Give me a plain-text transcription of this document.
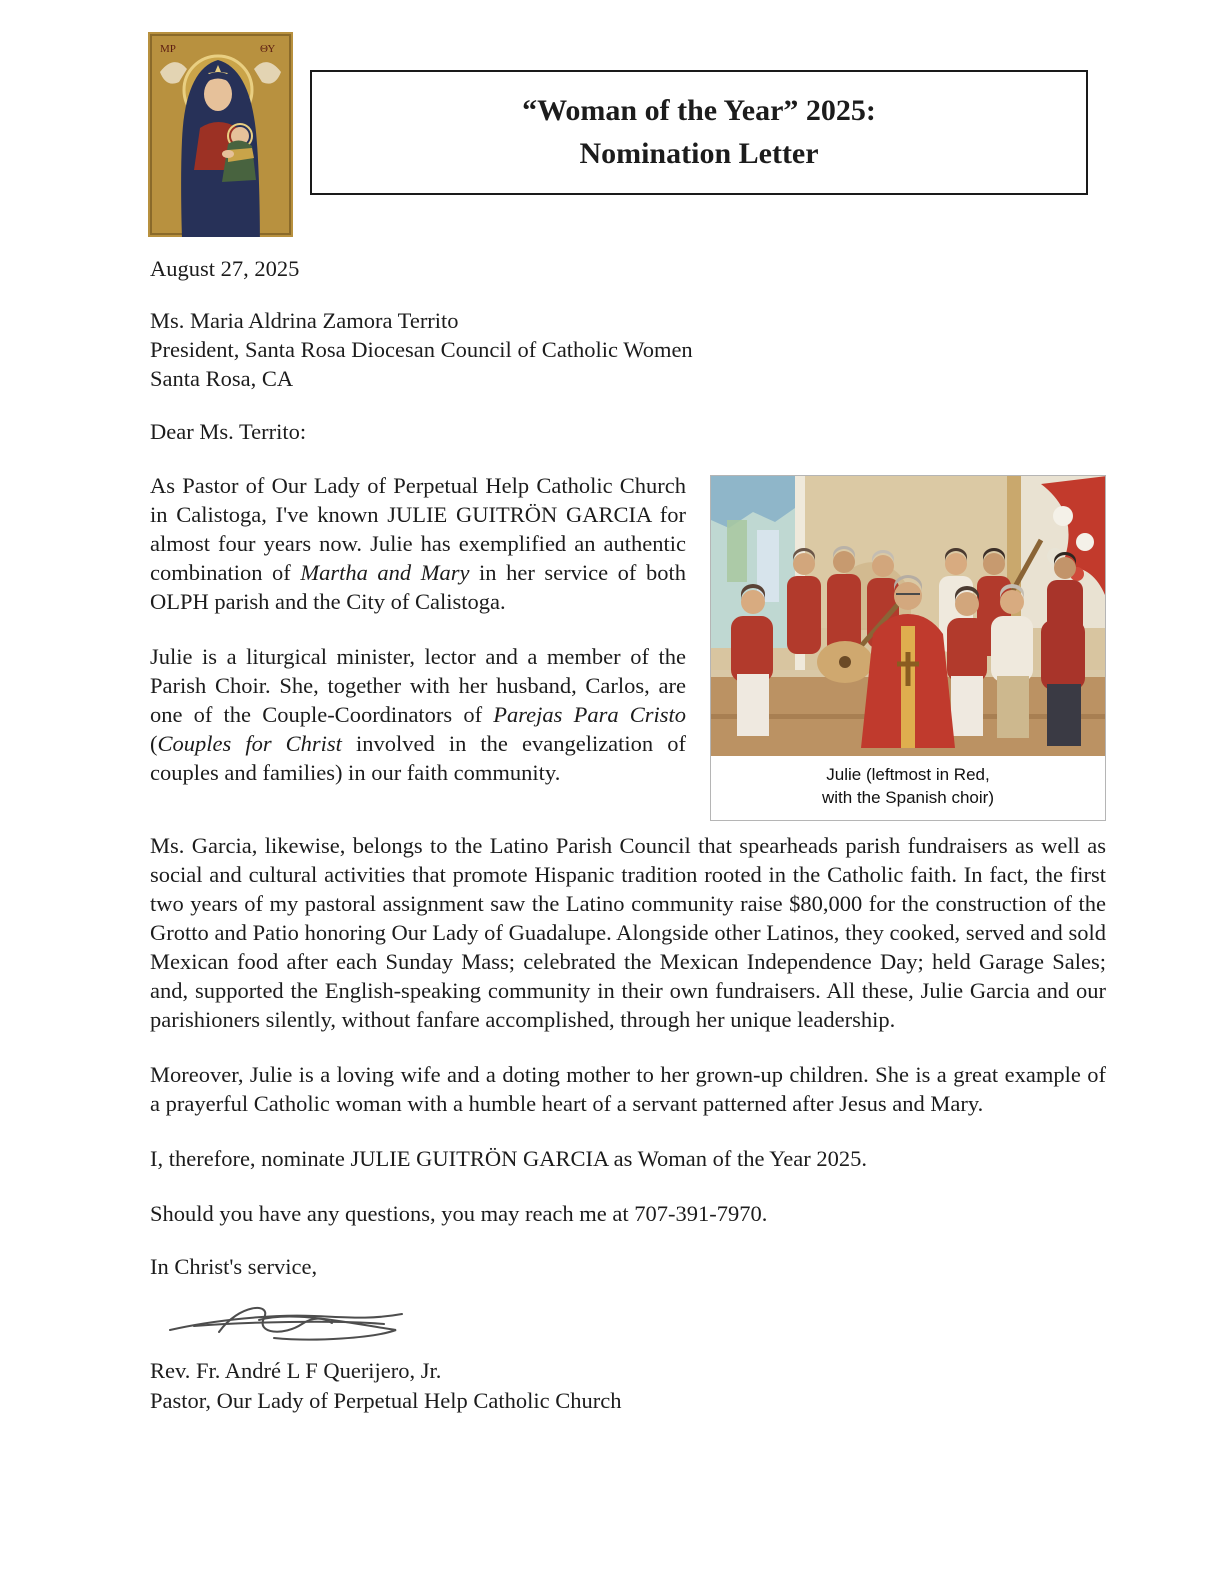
ΜΡ	ΘΥ
“Woman of the Year” 2025:
Nomination Letter
August 27, 2025
Ms. Maria Aldrina Zamora Territo
President, Santa Rosa Diocesan Council of Catholic Women
Santa Rosa, CA
Dear Ms. Territo:
Julie (leftmost in Red,
with the Spanish choir)

As Pastor of Our Lady of Perpetual Help Catholic Church in Calistoga, I've known JULIE GUITRÖN GARCIA for almost four years now. Julie has exemplified an authentic combination of Martha and Mary in her service of both OLPH parish and the City of Calistoga.

Julie is a liturgical minister, lector and a member of the Parish Choir. She, together with her husband, Carlos, are one of the Couple-Coordinators of Parejas Para Cristo (Couples for Christ involved in the evangelization of couples and families) in our faith community.

Ms. Garcia, likewise, belongs to the Latino Parish Council that spearheads parish fundraisers as well as social and cultural activities that promote Hispanic tradition rooted in the Catholic faith. In fact, the first two years of my pastoral assignment saw the Latino community raise $80,000 for the construction of the Grotto and Patio honoring Our Lady of Guadalupe. Alongside other Latinos, they cooked, served and sold Mexican food after each Sunday Mass; celebrated the Mexican Independence Day; held Garage Sales; and, supported the English-speaking community in their own fundraisers. All these, Julie Garcia and our parishioners silently, without fanfare accomplished, through her unique leadership.

Moreover, Julie is a loving wife and a doting mother to her grown-up children. She is a great example of a prayerful Catholic woman with a humble heart of a servant patterned after Jesus and Mary.

I, therefore, nominate JULIE GUITRÖN GARCIA as Woman of the Year 2025.

Should you have any questions, you may reach me at 707-391-7970.

In Christ's service,
Rev. Fr. André L F Querijero, Jr.
Pastor, Our Lady of Perpetual Help Catholic Church
